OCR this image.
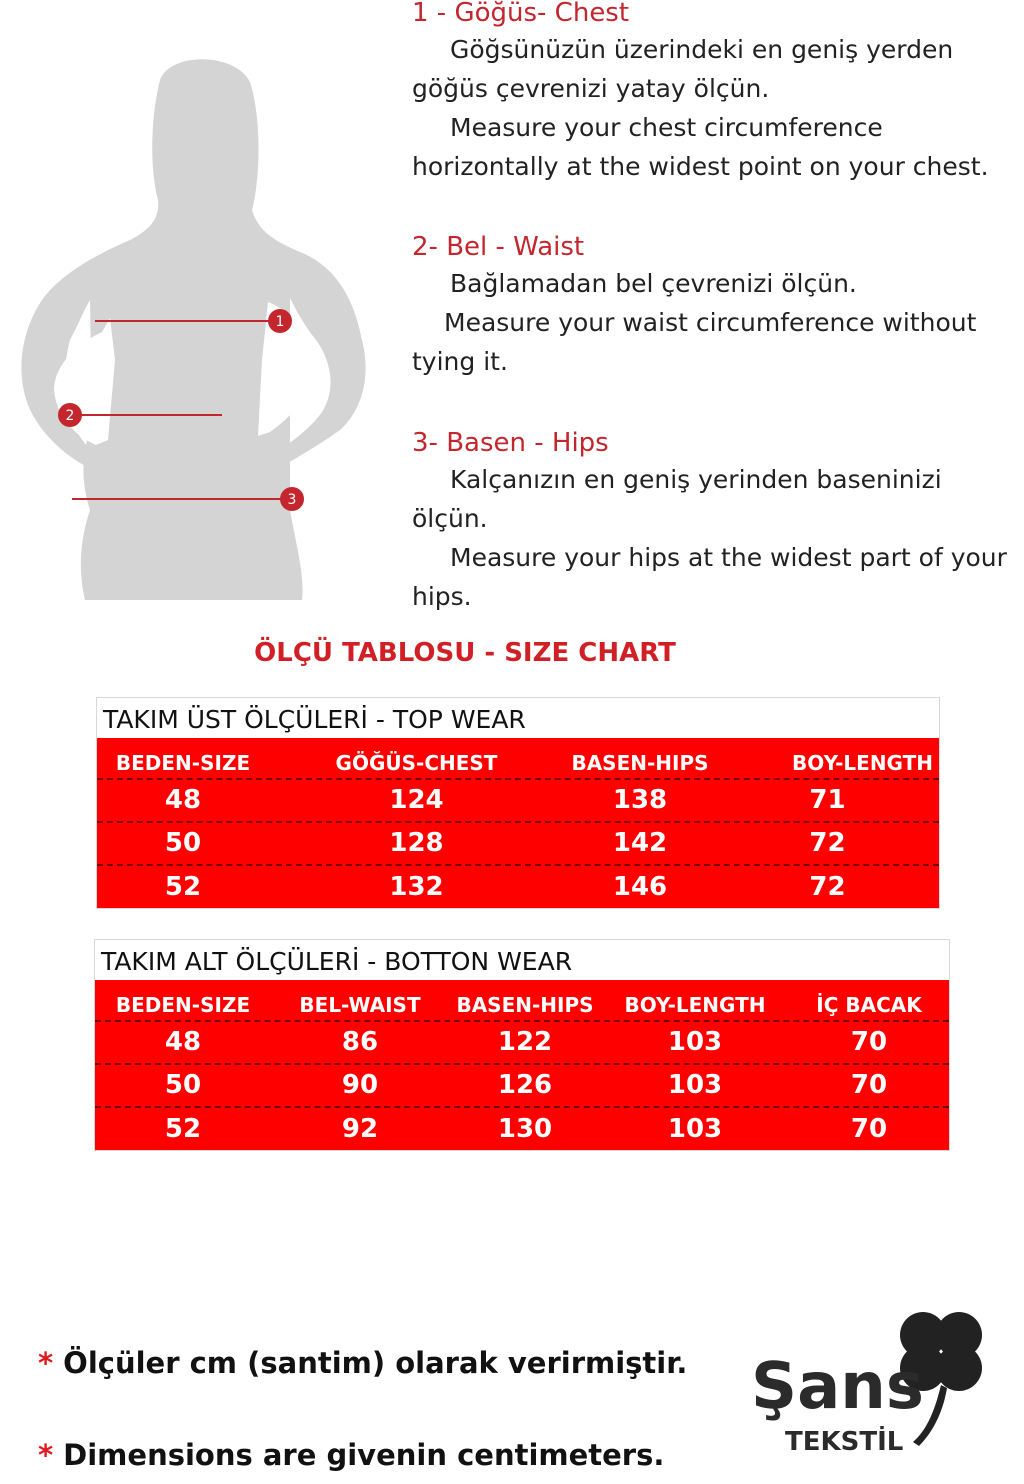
1
2
3
1 - Göğüs- Chest
Göğsünüzün üzerindeki en geniş yerden göğüs çevrenizi yatay ölçün.
Measure your chest circumference horizontally at the widest point on your chest.
2- Bel - Waist
Bağlamadan bel çevrenizi ölçün.
Measure your waist circumference without tying it.
3- Basen - Hips
Kalçanızın en geniş yerinden baseninizi ölçün.
Measure your hips at the widest part of your hips.
ÖLÇÜ TABLOSU - SIZE CHART
TAKIM ÜST ÖLÇÜLERİ - TOP WEAR
BEDEN-SIZE	GÖĞÜS-CHEST	BASEN-HIPS	BOY-LENGTH
48	124	138	71
50	128	142	72
52	132	146	72
TAKIM ALT ÖLÇÜLERİ - BOTTON WEAR
BEDEN-SIZE	BEL-WAIST	BASEN-HIPS	BOY-LENGTH	İÇ BACAK
48	86	122	103	70
50	90	126	103	70
52	92	130	103	70
* Ölçüler cm (santim) olarak verirmiştir.
* Dimensions are givenin centimeters.
Şans
TEKSTİL
